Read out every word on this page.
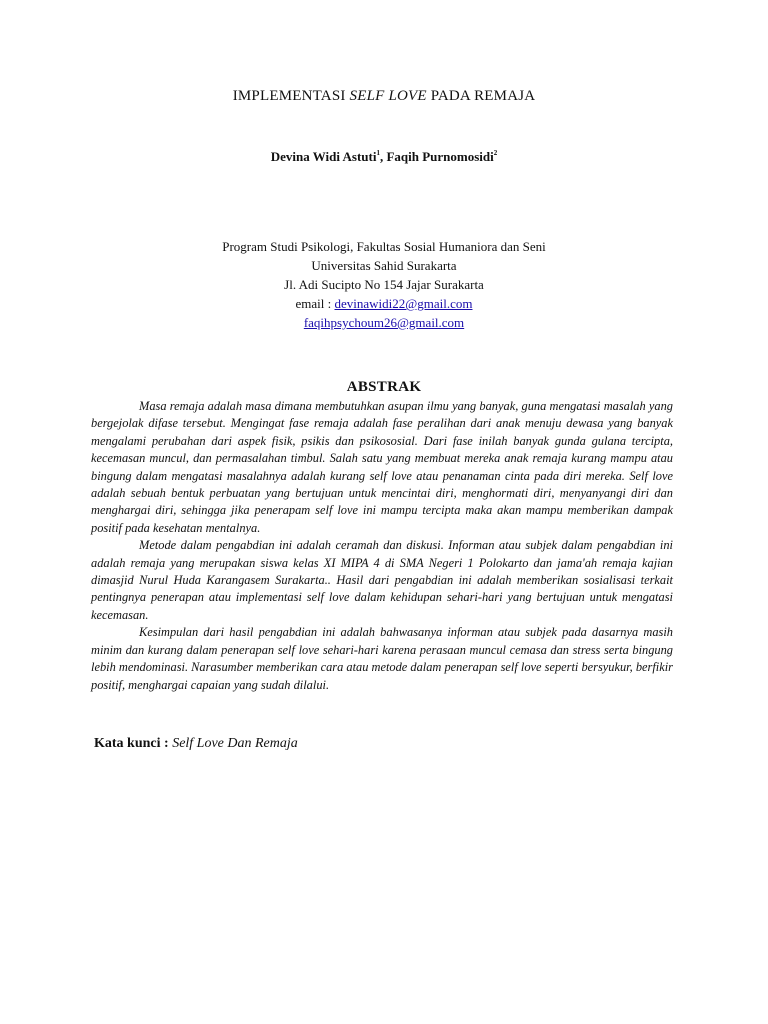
IMPLEMENTASI SELF LOVE PADA REMAJA
Devina Widi Astuti$^1$, Faqih Purnomosidi$^2$
Program Studi Psikologi, Fakultas Sosial Humaniora dan Seni
Universitas Sahid Surakarta
Jl. Adi Sucipto No 154 Jajar Surakarta
email : devinawidi22@gmail.com
faqihpsychoum26@gmail.com
ABSTRAK

Masa remaja adalah masa dimana membutuhkan asupan ilmu yang banyak, guna mengatasi masalah yang bergejolak difase tersebut. Mengingat fase remaja adalah fase peralihan dari anak menuju dewasa yang banyak mengalami perubahan dari aspek fisik, psikis dan psikososial. Dari fase inilah banyak gunda gulana tercipta, kecemasan muncul, dan permasalahan timbul. Salah satu yang membuat mereka anak remaja kurang mampu atau bingung dalam mengatasi masalahnya adalah kurang self love atau penanaman cinta pada diri mereka. Self love adalah sebuah bentuk perbuatan yang bertujuan untuk mencintai diri, menghormati diri, menyanyangi diri dan menghargai diri, sehingga jika penerapam self love ini mampu tercipta maka akan mampu memberikan dampak positif pada kesehatan mentalnya.

Metode dalam pengabdian ini adalah ceramah dan diskusi. Informan atau subjek dalam pengabdian ini adalah remaja yang merupakan siswa kelas XI MIPA 4 di SMA Negeri 1 Polokarto dan jama'ah remaja kajian dimasjid Nurul Huda Karangasem Surakarta.. Hasil dari pengabdian ini adalah memberikan sosialisasi terkait pentingnya penerapan atau implementasi self love dalam kehidupan sehari-hari yang bertujuan untuk mengatasi kecemasan.

Kesimpulan dari hasil pengabdian ini adalah bahwasanya informan atau subjek pada dasarnya masih minim dan kurang dalam penerapan self love sehari-hari karena perasaan muncul cemasa dan stress serta bingung lebih mendominasi. Narasumber memberikan cara atau metode dalam penerapan self love seperti bersyukur, berfikir positif, menghargai capaian yang sudah dilalui.

Kata kunci : Self Love Dan Remaja
